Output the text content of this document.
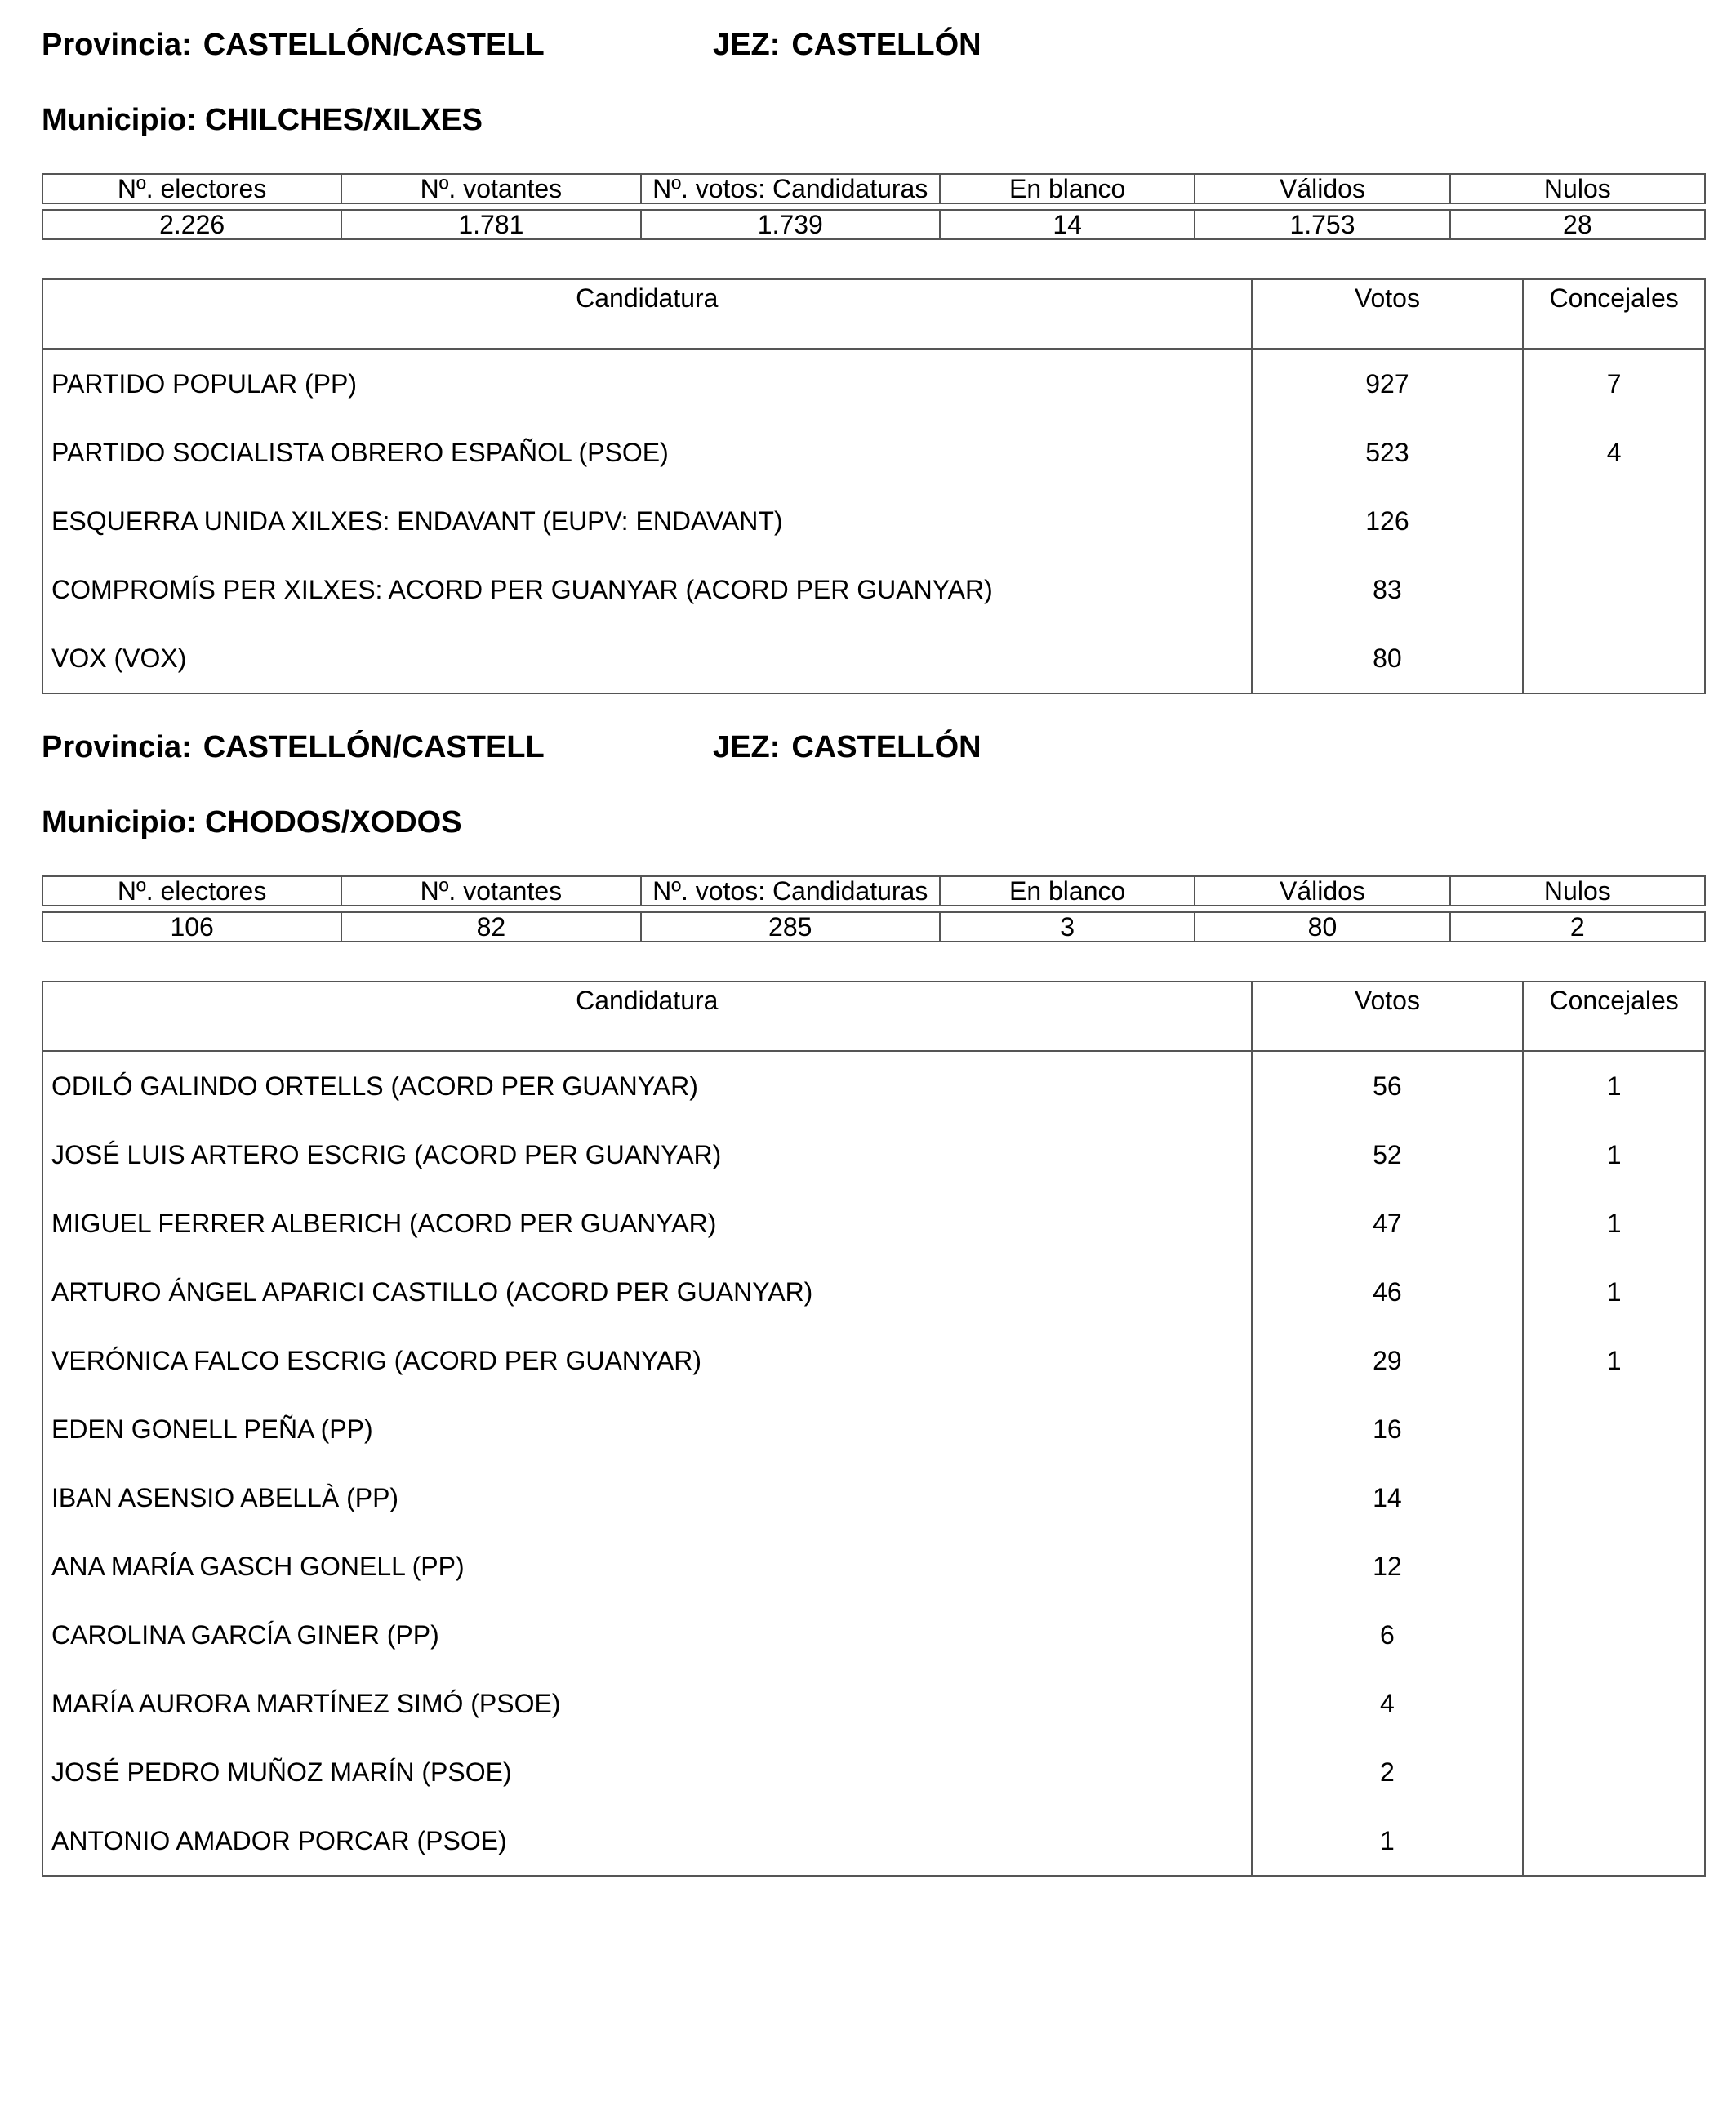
Provincia: CASTELLÓN/CASTELL	JEZ: CASTELLÓN
Municipio: CHILCHES/XILXES
Nº. electores	Nº. votantes	Nº. votos: Candidaturas	En blanco	Válidos	Nulos

2.226	1.781	1.739	14	1.753	28
Candidatura	Votos	Concejales
PARTIDO POPULAR (PP)	927	7
PARTIDO SOCIALISTA OBRERO ESPAÑOL (PSOE)	523	4
ESQUERRA UNIDA XILXES: ENDAVANT (EUPV: ENDAVANT)	126	
COMPROMÍS PER XILXES: ACORD PER GUANYAR (ACORD PER GUANYAR)	83	
VOX (VOX)	80	
Provincia: CASTELLÓN/CASTELL	JEZ: CASTELLÓN
Municipio: CHODOS/XODOS
Nº. electores	Nº. votantes	Nº. votos: Candidaturas	En blanco	Válidos	Nulos

106	82	285	3	80	2
Candidatura	Votos	Concejales
ODILÓ GALINDO ORTELLS (ACORD PER GUANYAR)	56	1
JOSÉ LUIS ARTERO ESCRIG (ACORD PER GUANYAR)	52	1
MIGUEL FERRER ALBERICH (ACORD PER GUANYAR)	47	1
ARTURO ÁNGEL APARICI CASTILLO (ACORD PER GUANYAR)	46	1
VERÓNICA FALCO ESCRIG (ACORD PER GUANYAR)	29	1
EDEN GONELL PEÑA (PP)	16	
IBAN ASENSIO ABELLÀ (PP)	14	
ANA MARÍA GASCH GONELL (PP)	12	
CAROLINA GARCÍA GINER (PP)	6	
MARÍA AURORA MARTÍNEZ SIMÓ (PSOE)	4	
JOSÉ PEDRO MUÑOZ MARÍN (PSOE)	2	
ANTONIO AMADOR PORCAR (PSOE)	1	
